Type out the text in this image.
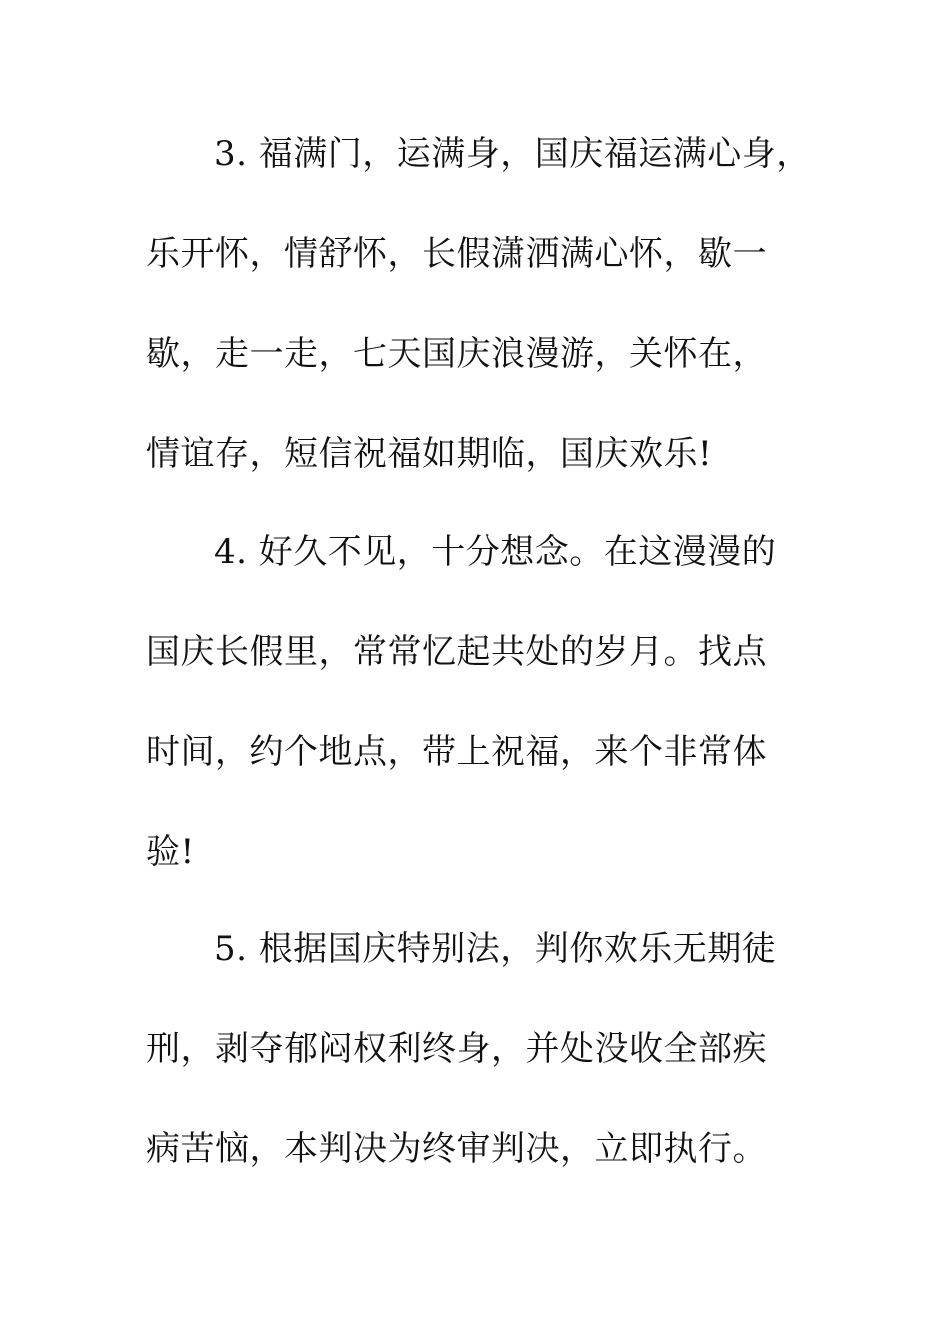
3. 福满门，运满身，国庆福运满心身，
乐开怀，情舒怀，长假潇洒满心怀，歇一
歇，走一走，七天国庆浪漫游，关怀在，
情谊存，短信祝福如期临，国庆欢乐!
4. 好久不见，十分想念。在这漫漫的
国庆长假里，常常忆起共处的岁月。找点
时间，约个地点，带上祝福，来个非常体
验!
5. 根据国庆特别法，判你欢乐无期徒
刑，剥夺郁闷权利终身，并处没收全部疾
病苦恼，本判决为终审判决，立即执行。
